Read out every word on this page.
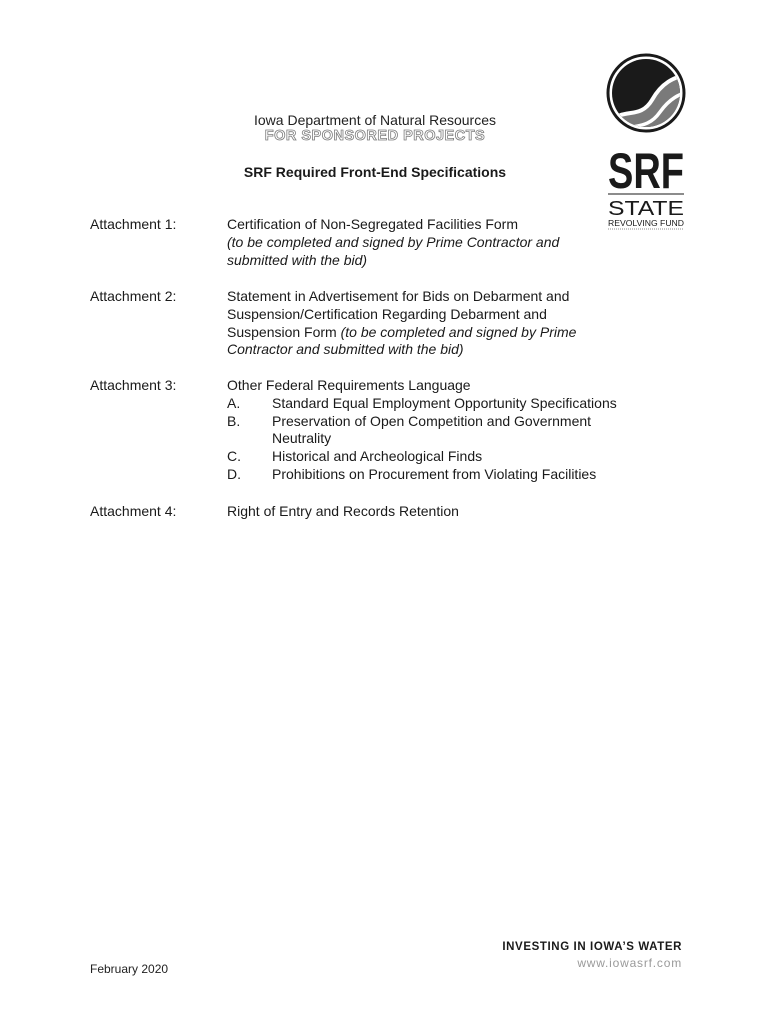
Iowa Department of Natural Resources
FOR SPONSORED PROJECTS
SRF Required Front-End Specifications	SRF
STATE
REVOLVING FUND
Attachment 1:	Certification of Non-Segregated Facilities Form
(to be completed and signed by Prime Contractor and
submitted with the bid)
Attachment 2:	Statement in Advertisement for Bids on Debarment and
Suspension/Certification Regarding Debarment and
Suspension Form (to be completed and signed by Prime
Contractor and submitted with the bid)
Attachment 3:	Other Federal Requirements Language
A. Standard Equal Employment Opportunity Specifications
B. Preservation of Open Competition and Government
Neutrality
C. Historical and Archeological Finds
D. Prohibitions on Procurement from Violating Facilities
Attachment 4:	Right of Entry and Records Retention
February 2020
INVESTING IN IOWA’S WATER
www.iowasrf.com
